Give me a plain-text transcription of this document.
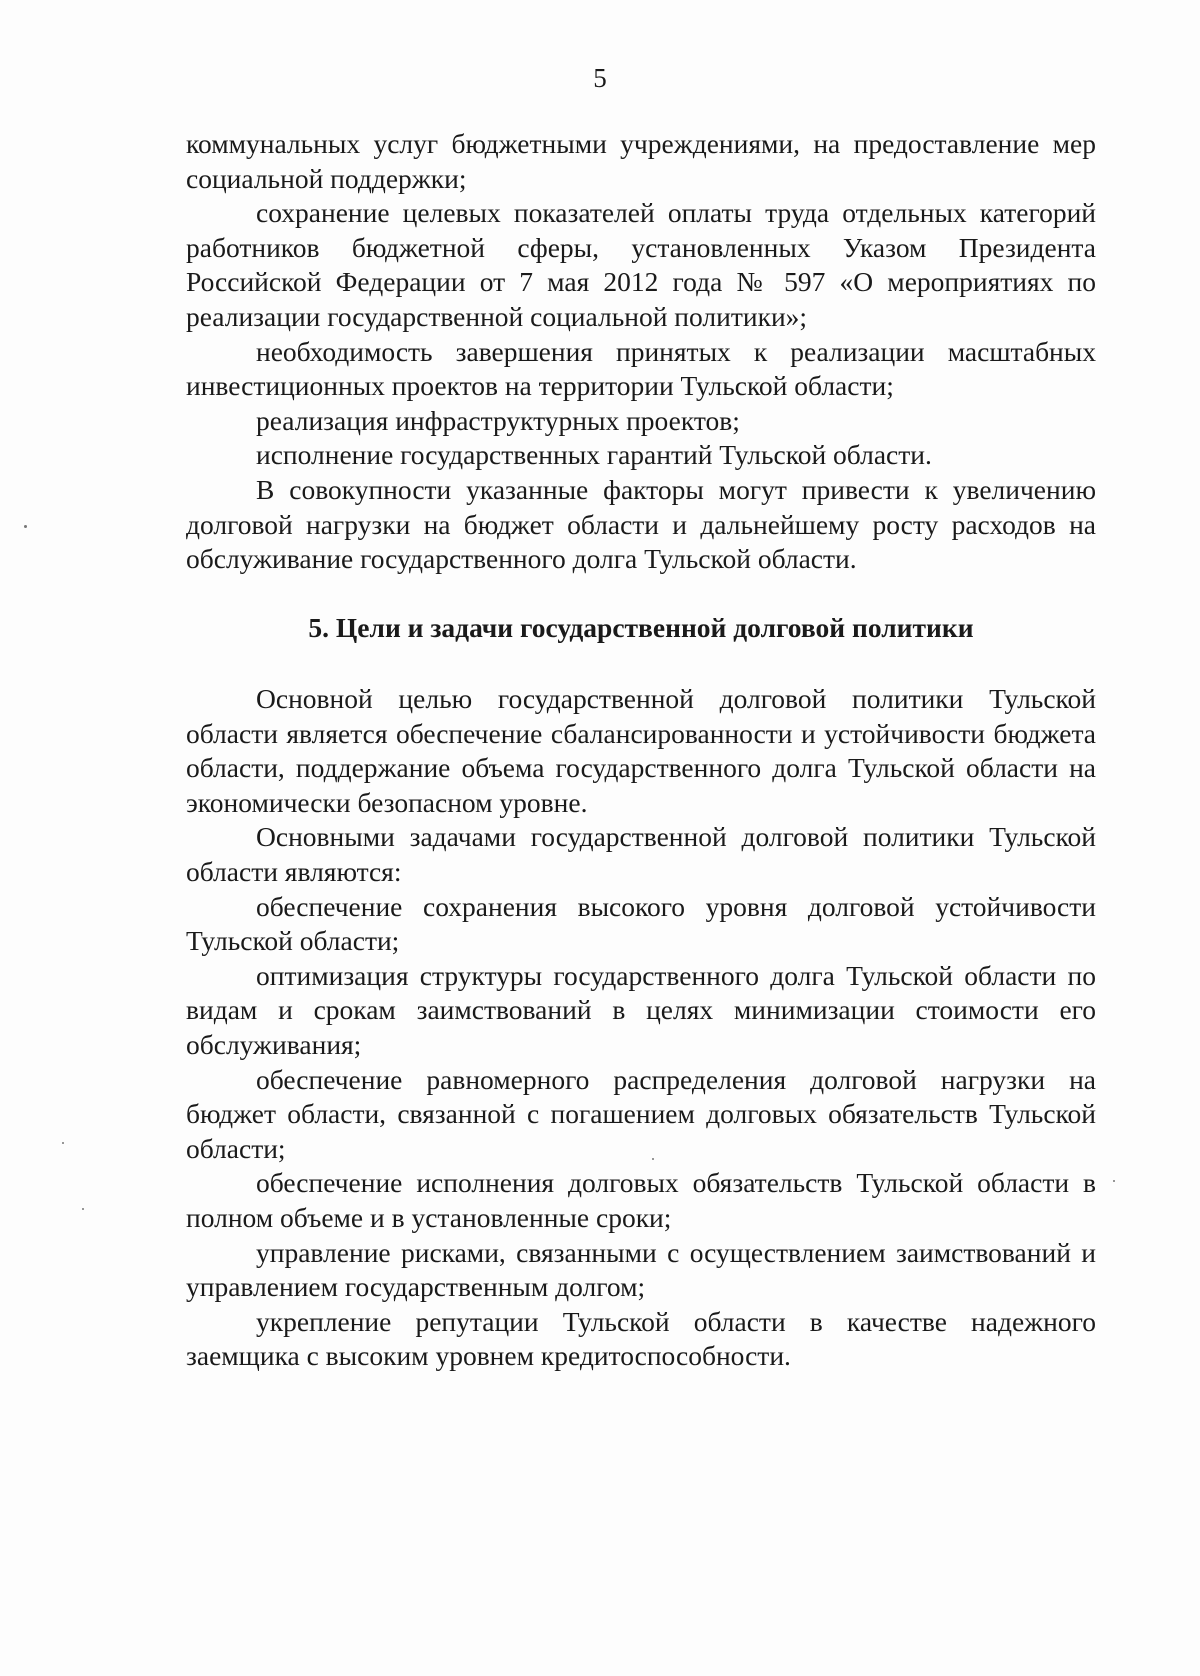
5

коммунальных услуг бюджетными учреждениями, на предоставление мер социальной поддержки;

сохранение целевых показателей оплаты труда отдельных категорий работников бюджетной сферы, установленных Указом Президента Российской Федерации от 7 мая 2012 года № 597 «О мероприятиях по реализации государственной социальной политики»;

необходимость завершения принятых к реализации масштабных инвестиционных проектов на территории Тульской области;

реализация инфраструктурных проектов;

исполнение государственных гарантий Тульской области.

В совокупности указанные факторы могут привести к увеличению долговой нагрузки на бюджет области и дальнейшему росту расходов на обслуживание государственного долга Тульской области.

5. Цели и задачи государственной долговой политики

Основной целью государственной долговой политики Тульской области является обеспечение сбалансированности и устойчивости бюджета области, поддержание объема государственного долга Тульской области на экономически безопасном уровне.

Основными задачами государственной долговой политики Тульской области являются:

обеспечение сохранения высокого уровня долговой устойчивости Тульской области;

оптимизация структуры государственного долга Тульской области по видам и срокам заимствований в целях минимизации стоимости его обслуживания;

обеспечение равномерного распределения долговой нагрузки на бюджет области, связанной с погашением долговых обязательств Тульской области;

обеспечение исполнения долговых обязательств Тульской области в полном объеме и в установленные сроки;

управление рисками, связанными с осуществлением заимствований и управлением государственным долгом;

укрепление репутации Тульской области в качестве надежного заемщика с высоким уровнем кредитоспособности.
